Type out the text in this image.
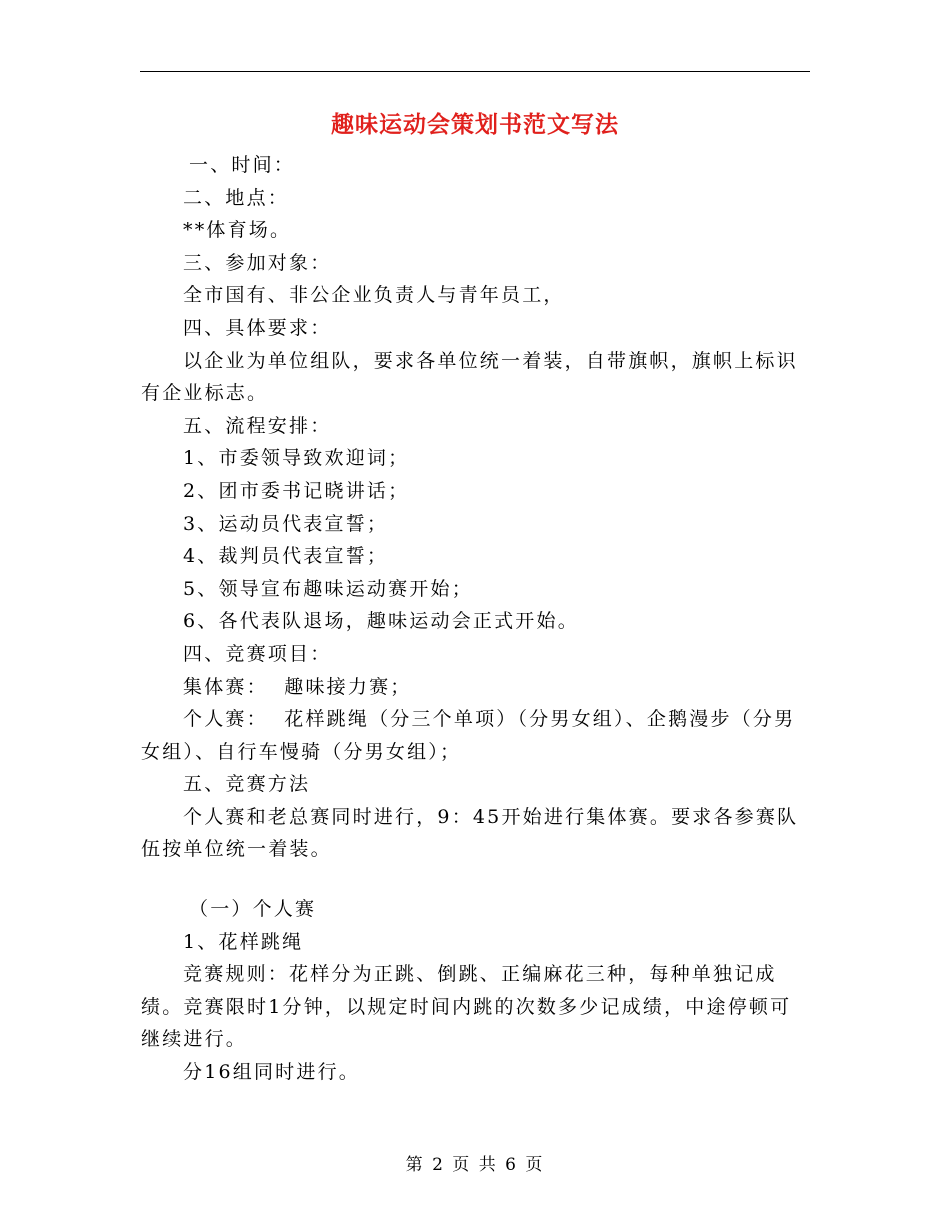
趣味运动会策划书范文写法

一、时间：

二、地点：

**体育场。

三、参加对象：

全市国有、非公企业负责人与青年员工，

四、具体要求：

以企业为单位组队，要求各单位统一着装，自带旗帜，旗帜上标识有企业标志。

五、流程安排：

1、市委领导致欢迎词；

2、团市委书记晓讲话；

3、运动员代表宣誓；

4、裁判员代表宣誓；

5、领导宣布趣味运动赛开始；

6、各代表队退场，趣味运动会正式开始。

四、竞赛项目：

集体赛：  趣味接力赛；

个人赛：  花样跳绳（分三个单项）（分男女组）、企鹅漫步（分男女组）、自行车慢骑（分男女组）；

五、竞赛方法

个人赛和老总赛同时进行，9：45开始进行集体赛。要求各参赛队伍按单位统一着装。

（一）个人赛

1、花样跳绳

竞赛规则：花样分为正跳、倒跳、正编麻花三种，每种单独记成绩。竞赛限时1分钟，以规定时间内跳的次数多少记成绩，中途停顿可继续进行。

分16组同时进行。

第 2 页 共 6 页
